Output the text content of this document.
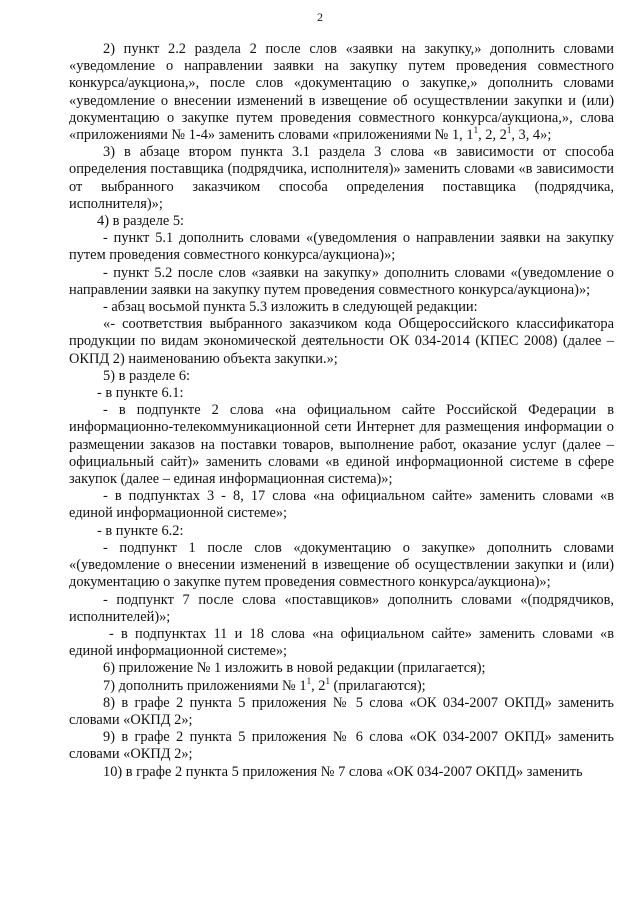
2

2) пункт 2.2 раздела 2 после слов «заявки на закупку,» дополнить словами «уведомление о направлении заявки на закупку путем проведения совместного конкурса/аукциона,», после слов «документацию о закупке,» дополнить словами «уведомление о внесении изменений в извещение об осуществлении закупки и (или) документацию о закупке путем проведения совместного конкурса/аукциона,», слова «приложениями № 1-4» заменить словами «приложениями № 1, $1^1$, 2, $2^1$, 3, 4»;

3) в абзаце втором пункта 3.1 раздела 3 слова «в зависимости от способа определения поставщика (подрядчика, исполнителя)» заменить словами «в зависимости от выбранного заказчиком способа определения поставщика (подрядчика, исполнителя)»;

4) в разделе 5:

- пункт 5.1 дополнить словами «(уведомления о направлении заявки на закупку путем проведения совместного конкурса/аукциона)»;

- пункт 5.2 после слов «заявки на закупку» дополнить словами «(уведомление о направлении заявки на закупку путем проведения совместного конкурса/аукциона)»;

- абзац восьмой пункта 5.3 изложить в следующей редакции:

«- соответствия выбранного заказчиком кода Общероссийского классификатора продукции по видам экономической деятельности ОК 034-2014 (КПЕС 2008) (далее – ОКПД 2) наименованию объекта закупки.»;

5) в разделе 6:

- в пункте 6.1:

- в подпункте 2 слова «на официальном сайте Российской Федерации в информационно-телекоммуникационной сети Интернет для размещения информации о размещении заказов на поставки товаров, выполнение работ, оказание услуг (далее – официальный сайт)» заменить словами «в единой информационной системе в сфере закупок (далее – единая информационная система)»;

- в подпунктах 3 - 8, 17 слова «на официальном сайте» заменить словами «в единой информационной системе»;

- в пункте 6.2:

- подпункт 1 после слов «документацию о закупке» дополнить словами «(уведомление о внесении изменений в извещение об осуществлении закупки и (или) документацию о закупке путем проведения совместного конкурса/аукциона)»;

- подпункт 7 после слова «поставщиков» дополнить словами «(подрядчиков, исполнителей)»;

- в подпунктах 11 и 18 слова «на официальном сайте» заменить словами «в единой информационной системе»;

6) приложение № 1 изложить в новой редакции (прилагается);

7) дополнить приложениями № $1^1$, $2^1$ (прилагаются);

8) в графе 2 пункта 5 приложения № 5 слова «ОК 034-2007 ОКПД» заменить словами «ОКПД 2»;

9) в графе 2 пункта 5 приложения № 6 слова «ОК 034-2007 ОКПД» заменить словами «ОКПД 2»;

10) в графе 2 пункта 5 приложения № 7 слова «ОК 034-2007 ОКПД» заменить
